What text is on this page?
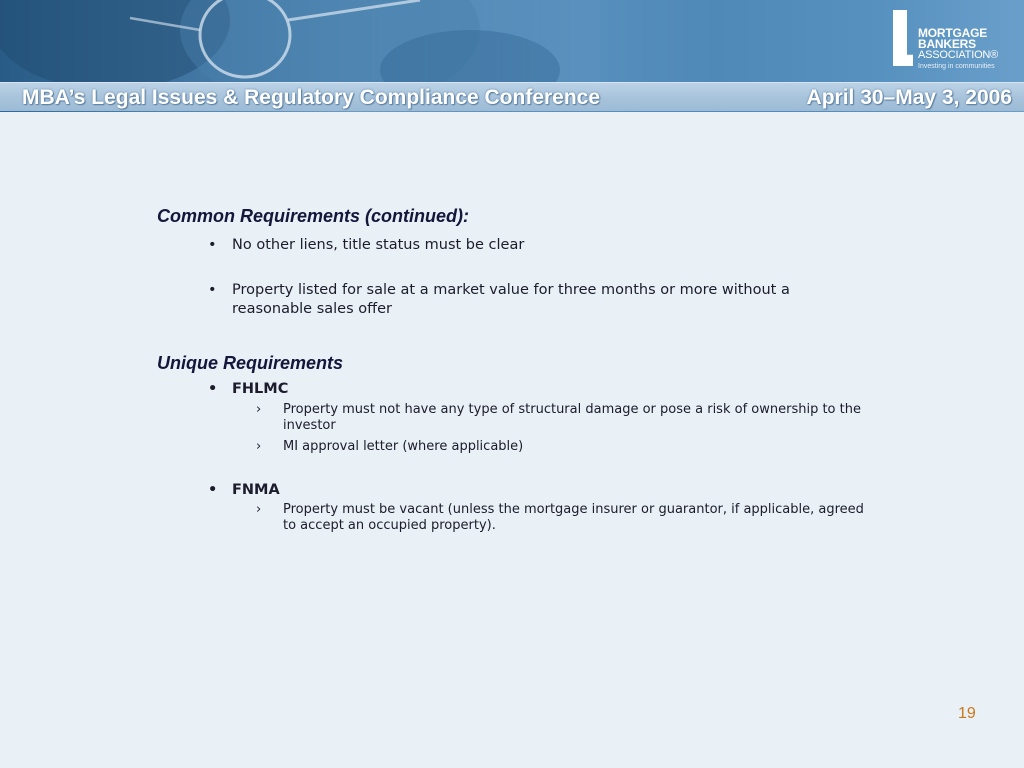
MORTGAGE
BANKERS
ASSOCIATION®
Investing in communities
MBA’s Legal Issues & Regulatory Compliance Conference	April 30–May 3, 2006

Common Requirements (continued):

• No other liens, title status must be clear
• Property listed for sale at a market value for three months or more without a reasonable sales offer

Unique Requirements

• FHLMC
› Property must not have any type of structural damage or pose a risk of ownership to the investor
› MI approval letter (where applicable)
• FNMA
› Property must be vacant (unless the mortgage insurer or guarantor, if applicable, agreed to accept an occupied property).
19
